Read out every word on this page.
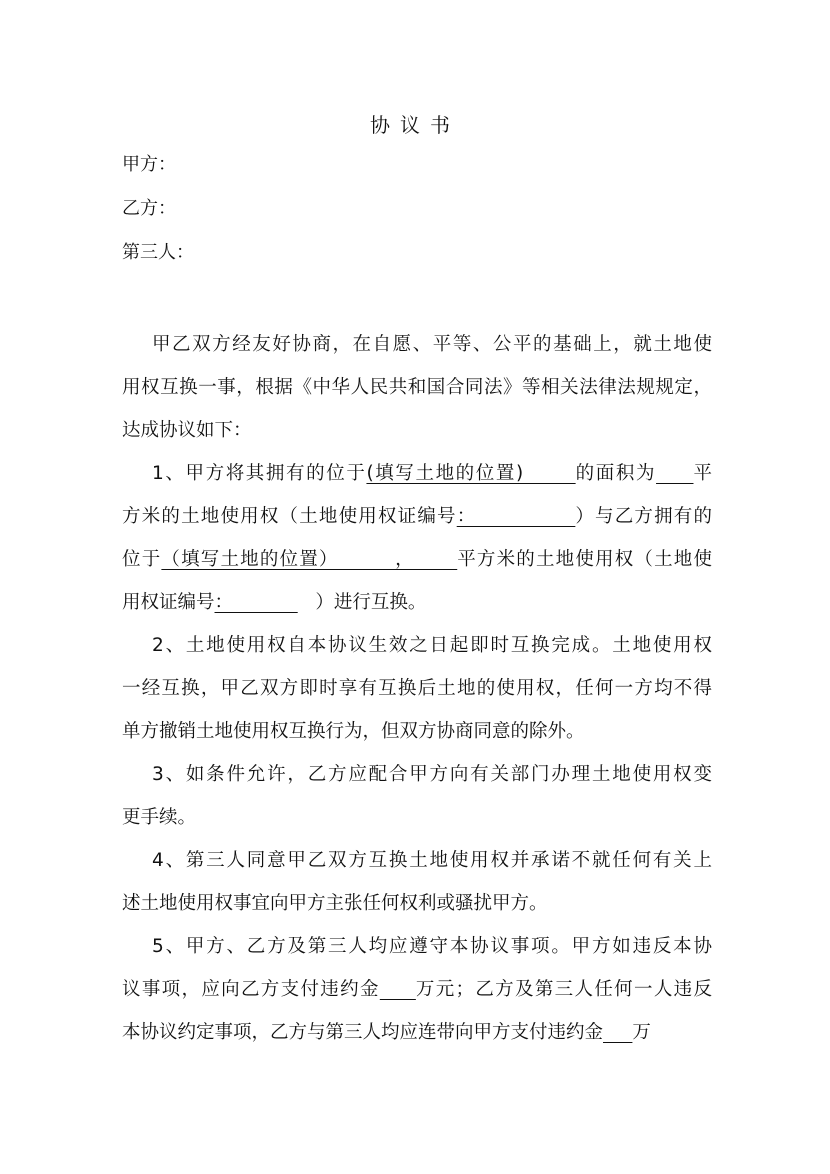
协议书
甲方：
乙方：
第三人：
甲乙双方经友好协商，在自愿、平等、公平的基础上，就土地使
用权互换一事，根据《中华人民共和国合同法》等相关法律法规规定，
达成协议如下：
1、甲方将其拥有的位于(填写土地的位置)       的面积为 平
方米的土地使用权（土地使用权证编号：              ）与乙方拥有的
位于（填写土地的位置）        ，      平方米的土地使用权（土地使
用权证编号：              ）进行互换。
2、土地使用权自本协议生效之日起即时互换完成。土地使用权
一经互换，甲乙双方即时享有互换后土地的使用权，任何一方均不得
单方撤销土地使用权互换行为，但双方协商同意的除外。
3、如条件允许，乙方应配合甲方向有关部门办理土地使用权变
更手续。
4、第三人同意甲乙双方互换土地使用权并承诺不就任何有关上
述土地使用权事宜向甲方主张任何权利或骚扰甲方。
5、甲方、乙方及第三人均应遵守本协议事项。甲方如违反本协
议事项，应向乙方支付违约金 万元；乙方及第三人任何一人违反
本协议约定事项，乙方与第三人均应连带向甲方支付违约金 万
